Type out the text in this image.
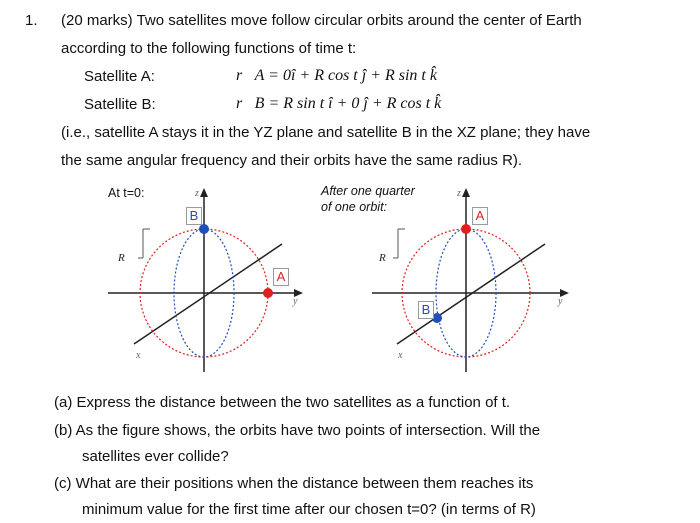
1. (20 marks) Two satellites move follow circular orbits around the center of Earth
according to the following functions of time t:
Satellite A:	r⃗A = 0î + R cos t ĵ + R sin t k̂
Satellite B:	r⃗B = R sin t î + 0 ĵ + R cos t k̂
(i.e., satellite A stays it in the YZ plane and satellite B in the XZ plane; they have
the same angular frequency and their orbits have the same radius R).
At t=0:	After one quarter
of one orbit:
z
y
x
R
B
A
z
y
x
R
A
B
(a) Express the distance between the two satellites as a function of t.
(b) As the figure shows, the orbits have two points of intersection. Will the
satellites ever collide?
(c) What are their positions when the distance between them reaches its
minimum value for the first time after our chosen t=0? (in terms of R)
